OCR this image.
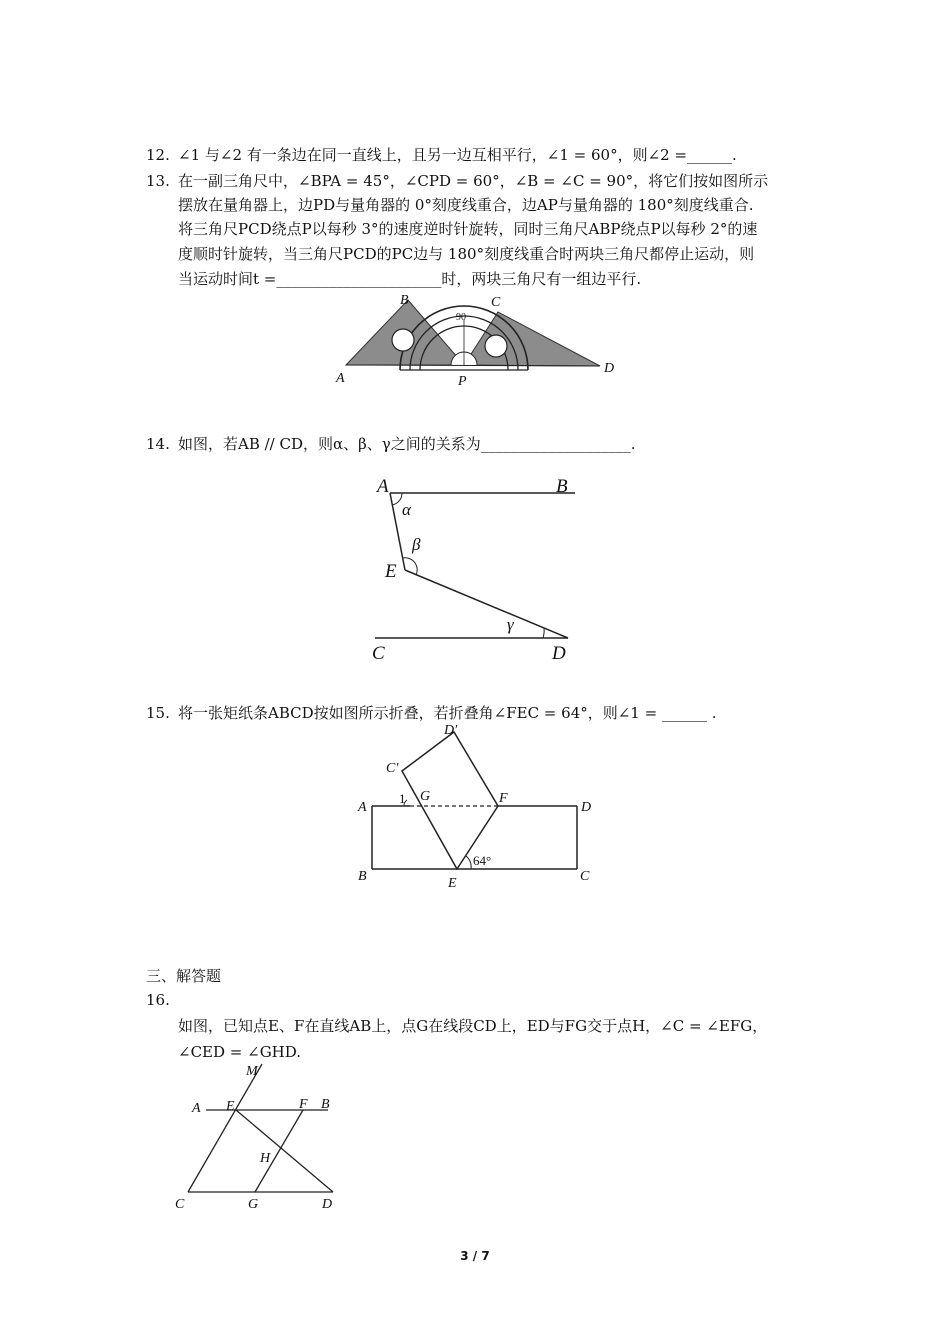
12. ∠1 与∠2 有一条边在同一直线上，且另一边互相平行，∠1 = 60°，则∠2 =______.
13. 在一副三角尺中，∠BPA = 45°，∠CPD = 60°，∠B = ∠C = 90°，将它们按如图所示
摆放在量角器上，边PD与量角器的 0°刻度线重合，边AP与量角器的 180°刻度线重合.
将三角尺PCD绕点P以每秒 3°的速度逆时针旋转，同时三角尺ABP绕点P以每秒 2°的速
度顺时针旋转，当三角尺PCD的PC边与 180°刻度线重合时两块三角尺都停止运动，则
当运动时间t =______________________时，两块三角尺有一组边平行.
A
B	C
D
P
90
14. 如图，若AB // CD，则α、β、γ之间的关系为____________________.
A	B
C	D
E
α
β
γ
15. 将一张矩纸条ABCD按如图所示折叠，若折叠角∠FEC = 64°，则∠1 = ______ .
A
B	C
D
E
F
G
C′
D′
1
64°
三、解答题
16.
如图，已知点E、F在直线AB上，点G在线段CD上，ED与FG交于点H，∠C = ∠EFG，
∠CED = ∠GHD.
A	B
C	D
E	F
G
H
M
3 / 7
